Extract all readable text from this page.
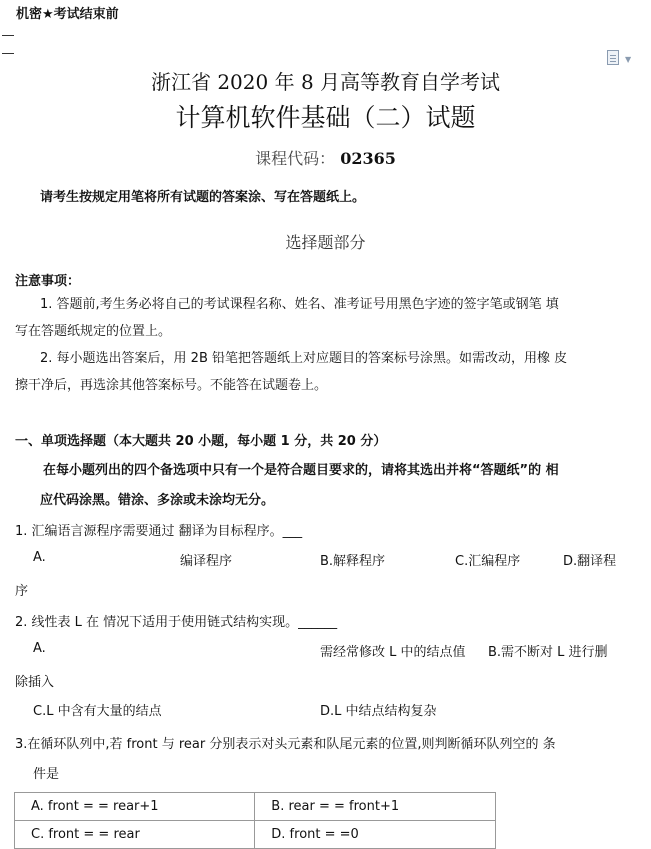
▼
机密★考试结束前
浙江省 2020 年 8 月高等教育自学考试
计算机软件基础（二）试题
课程代码： 02365
请考生按规定用笔将所有试题的答案涂、写在答题纸上。
选择题部分
注意事项：
1. 答题前,考生务必将自己的考试课程名称、姓名、准考证号用黑色字迹的签字笔或钢笔 填
写在答题纸规定的位置上。
2. 每小题选出答案后，用 2B 铅笔把答题纸上对应题目的答案标号涂黑。如需改动，用橡 皮
擦干净后，再选涂其他答案标号。不能答在试题卷上。
一、单项选择题（本大题共 20 小题，每小题 1 分，共 20 分）
在每小题列出的四个备选项中只有一个是符合题目要求的，请将其选出并将“答题纸”的 相
应代码涂黑。错涂、多涂或未涂均无分。
1. 汇编语言源程序需要通过 翻译为目标程序。___
A.	编译程序	B.解释程序	C.汇编程序	D.翻译程
序
2. 线性表 L 在 情况下适用于使用链式结构实现。______
A.	需经常修改 L 中的结点值 B.需不断对 L 进行删
除插入
C.L 中含有大量的结点	D.L 中结点结构复杂
3.在循环队列中,若 front 与 rear 分别表示对头元素和队尾元素的位置,则判断循环队列空的 条
件是
A. front = = rear+1	B. rear = = front+1
C. front = = rear	D. front = =0
